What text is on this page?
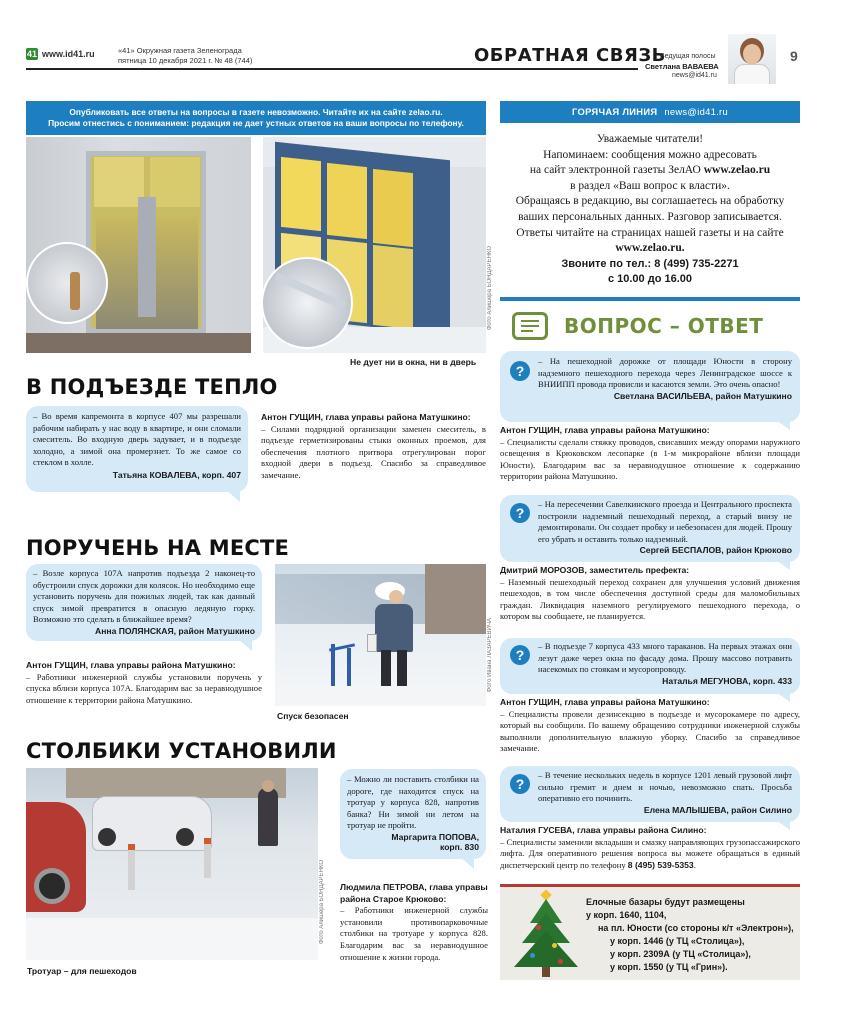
41 www.id41.ru	«41» Окружная газета Зеленограда
пятница 10 декабря 2021 г. № 48 (744)	ОБРАТНАЯ СВЯЗЬ
Ведущая полосы
Светлана ВАВАЕВА
news@id41.ru
9
Опубликовать все ответы на вопросы в газете невозможно. Читайте их на сайте zelao.ru.
Просим отнестись с пониманием: редакция не дает устных ответов на ваши вопросы по телефону.
Фото Алишера БОНДАРЕНКО
Не дует ни в окна, ни в дверь
В ПОДЪЕЗДЕ ТЕПЛО
– Во время капремонта в корпусе 407 мы разрешали рабочим набирать у нас воду в квартире, и они сломали смеситель. Во входную дверь задувает, и в подъезде холодно, а зимой она промерзнет. То же самое со стеклом в холле.
Татьяна КОВАЛЕВА, корп. 407
Антон ГУЩИН, глава управы района Матушкино:
– Силами подрядной организации заменен смеситель, в подъезде герметизированы стыки оконных проемов, для обеспечения плотного притвора отрегулирован порог входной двери в подъезд. Спасибо за справедливое замечание.
ПОРУЧЕНЬ НА МЕСТЕ
– Возле корпуса 107А напротив подъезда 2 наконец-то обустроили спуск дорожки для колясок. Но необходимо еще установить поручень для пожилых людей, так как данный спуск зимой превратится в опасную ледяную горку. Возможно это сделать в ближайшее время?
Анна ПОЛЯНСКАЯ, район Матушкино
Антон ГУЩИН, глава управы района Матушкино:
– Работники инженерной службы установили поручень у спуска вблизи корпуса 107А. Благодарим вас за неравнодушное отношение к территории района Матушкино.
Фото Ивана ЛАЗАРЕВИЧА
Спуск безопасен
СТОЛБИКИ УСТАНОВИЛИ
Фото Алишера БОНДАРЕНКО
Тротуар – для пешеходов
– Можно ли поставить столбики на дороге, где находится спуск на тротуар у корпуса 828, напротив банка? Ни зимой ни летом на тротуар не пройти.
Маргарита ПОПОВА,
корп. 830
Людмила ПЕТРОВА, глава управы района Старое Крюково:
– Работники инженерной службы установили противопарковочные столбики на тротуаре у корпуса 828. Благодарим вас за неравнодушное отношение к жизни города.
ГОРЯЧАЯ ЛИНИЯ news@id41.ru
Уважаемые читатели!
Напоминаем: сообщения можно адресовать
на сайт электронной газеты ЗелАО www.zelao.ru
в раздел «Ваш вопрос к власти».
Обращаясь в редакцию, вы соглашаетесь на обработку
ваших персональных данных. Разговор записывается.
Ответы читайте на страницах нашей газеты и на сайте
www.zelao.ru.
Звоните по тел.: 8 (499) 735-2271
с 10.00 до 16.00
ВОПРОС – ОТВЕТ
– На пешеходной дорожке от площади Юности в сторону надземного пешеходного перехода через Ленинградское шоссе к ВНИИПП провода провисли и касаются земли. Это очень опасно!
Светлана ВАСИЛЬЕВА, район Матушкино
?
Антон ГУЩИН, глава управы района Матушкино:
– Специалисты сделали стяжку проводов, свисавших между опорами наружного освещения в Крюковском лесопарке (в 1-м микрорайоне вблизи площади Юности). Благодарим вас за неравнодушное отношение к содержанию территории района Матушкино.
– На пересечении Савелкинского проезда и Центрального проспекта построили надземный пешеходный переход, а старый внизу не демонтировали. Он создает пробку и небезопасен для людей. Прошу его убрать и оставить только надземный.
Сергей БЕСПАЛОВ, район Крюково
?
Дмитрий МОРОЗОВ, заместитель префекта:
– Наземный пешеходный переход сохранен для улучшения условий движения пешеходов, в том числе обеспечения доступной среды для маломобильных граждан. Ликвидация наземного регулируемого пешеходного перехода, о котором вы сообщаете, не планируется.
– В подъезде 7 корпуса 433 много тараканов. На первых этажах они лезут даже через окна по фасаду дома. Прошу массово потравить насекомых по стоякам и мусоропроводу.
Наталья МЕГУНОВА, корп. 433
?
Антон ГУЩИН, глава управы района Матушкино:
– Специалисты провели дезинсекцию в подъезде и мусорокамере по адресу, который вы сообщили. По вашему обращению сотрудники инженерной службы выполнили дополнительную влажную уборку. Спасибо за справедливое замечание.
– В течение нескольких недель в корпусе 1201 левый грузовой лифт сильно гремит и днем и ночью, невозможно спать. Просьба оперативно его починить.
Елена МАЛЫШЕВА, район Силино
?
Наталия ГУСЕВА, глава управы района Силино:
– Специалисты заменили вкладыши и смазку направляющих грузопассажирского лифта. Для оперативного решения вопроса вы можете обращаться в единый диспетчерский центр по телефону 8 (495) 539-5353.
Елочные базары будут размещены
у корп. 1640, 1104,
на пл. Юности (со стороны к/т «Электрон»),
у корп. 1446 (у ТЦ «Столица»),
у корп. 2309А (у ТЦ «Столица»),
у корп. 1550 (у ТЦ «Грин»).
